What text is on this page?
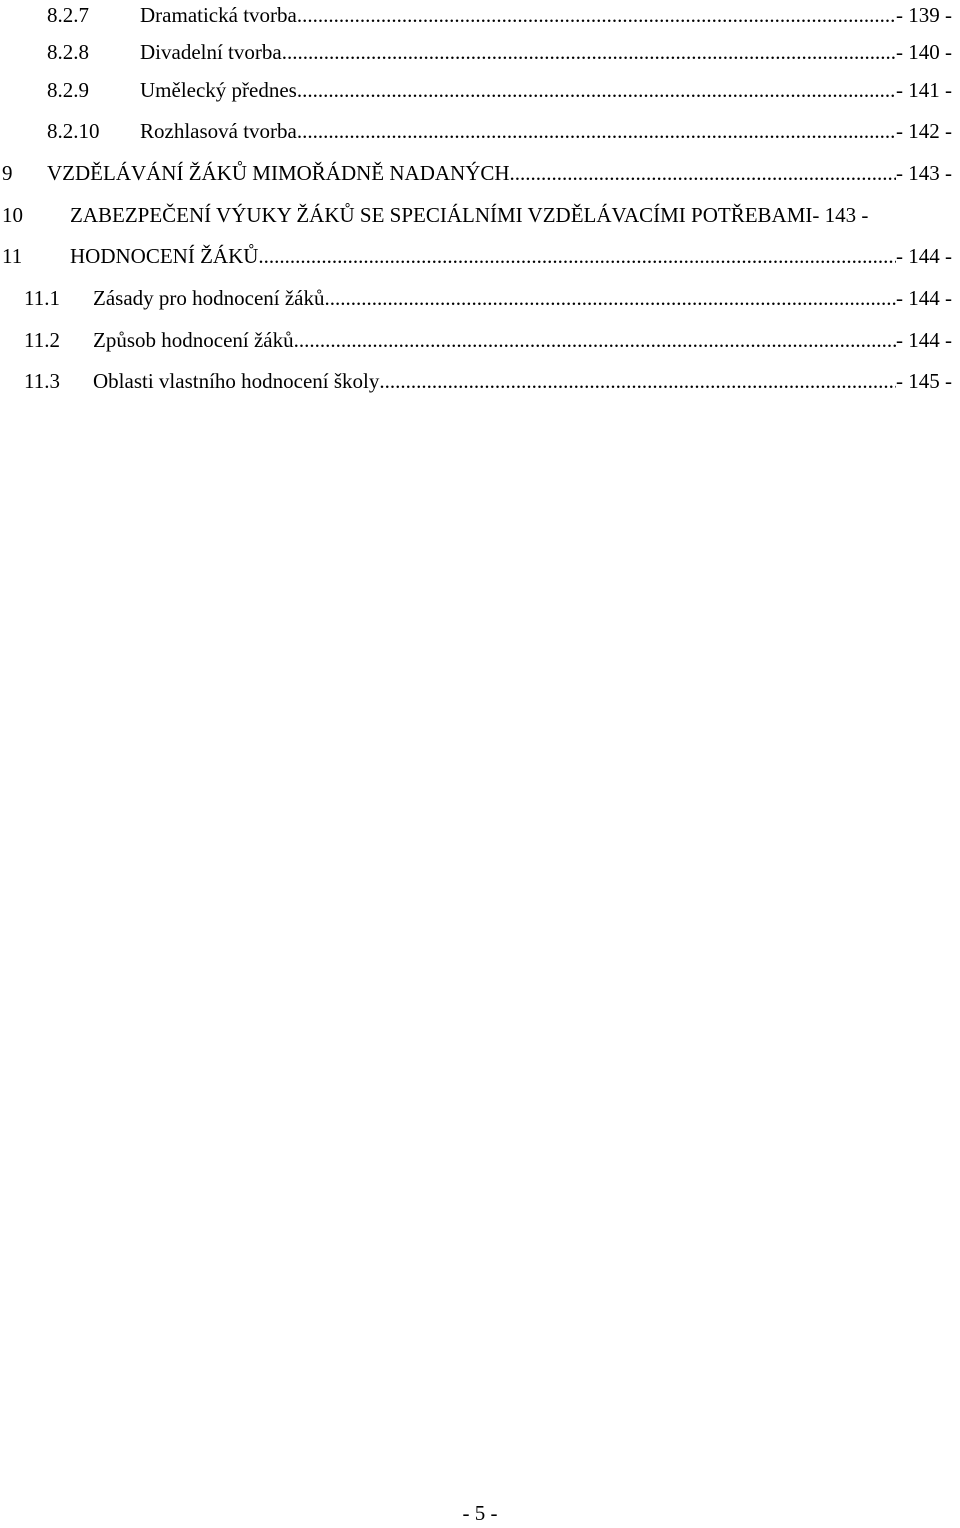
8.2.7 Dramatická tvorba .....	- 139 -
8.2.8 Divadelní tvorba .....	- 140 -
8.2.9 Umělecký přednes .....	- 141 -
8.2.10 Rozhlasová tvorba .....	- 142 -
9 VZDĚLÁVÁNÍ ŽÁKŮ MIMOŘÁDNĚ NADANÝCH .....	- 143 -
10 ZABEZPEČENÍ VÝUKY ŽÁKŮ SE SPECIÁLNÍMI VZDĚLÁVACÍMI POTŘEBAMI - 143 -
11 HODNOCENÍ ŽÁKŮ .....	- 144 -
11.1 Zásady pro hodnocení žáků .....	- 144 -
11.2 Způsob hodnocení žáků .....	- 144 -
11.3 Oblasti vlastního hodnocení školy .....	- 145 -
- 5 -
